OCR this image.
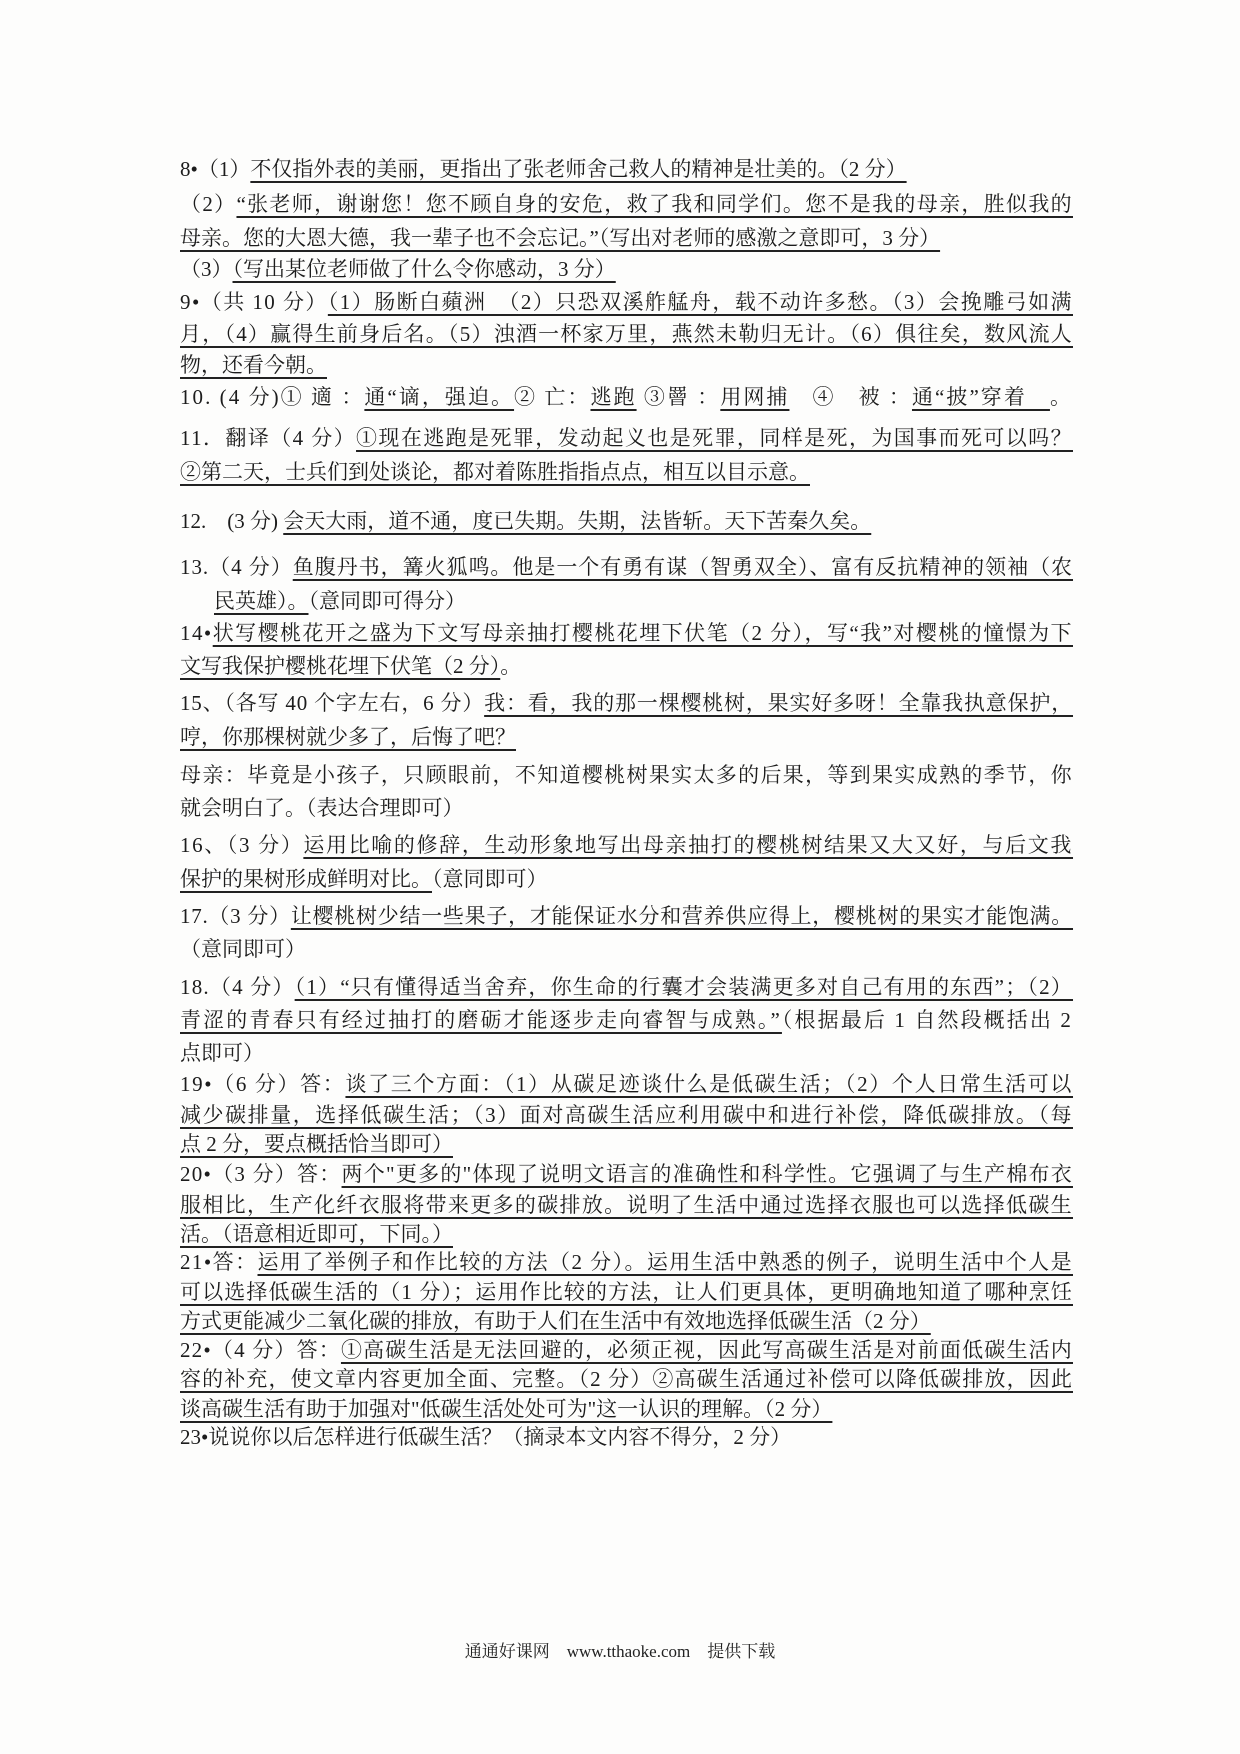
8•（1）不仅指外表的美丽，更指出了张老师舍己救人的精神是壮美的。（2 分）
（2）“张老师，谢谢您！您不顾自身的安危，救了我和同学们。您不是我的母亲，胜似我的
母亲。您的大恩大德，我一辈子也不会忘记。”（写出对老师的感激之意即可，3 分）
（3）（写出某位老师做了什么令你感动，3 分）
9•（共 10 分）（1）肠断白蘋洲　（2）只恐双溪舴艋舟，载不动许多愁。（3）会挽雕弓如满
月，（4）赢得生前身后名。（5）浊酒一杯家万里，燕然未勒归无计。（6）俱往矣，数风流人
物，还看今朝。
10. (4 分)① 適 ：通“谪，强迫。② 亡：逃跑 ③罾 ：用网捕　④　被 ：通“披”穿着　。
11．翻译（4 分）①现在逃跑是死罪，发动起义也是死罪，同样是死，为国事而死可以吗？
②第二天，士兵们到处谈论，都对着陈胜指指点点，相互以目示意。
12.　(3 分) 会天大雨，道不通，度已失期。失期，法皆斩。天下苦秦久矣。
13.（4 分）鱼腹丹书，篝火狐鸣。他是一个有勇有谋（智勇双全）、富有反抗精神的领袖（农
民英雄）。（意同即可得分）
14•状写樱桃花开之盛为下文写母亲抽打樱桃花埋下伏笔（2 分），写“我”对樱桃的憧憬为下
文写我保护樱桃花埋下伏笔（2 分）。
15、（各写 40 个字左右，6 分）我：看，我的那一棵樱桃树，果实好多呀！全靠我执意保护，
哼，你那棵树就少多了，后悔了吧？
母亲：毕竟是小孩子，只顾眼前，不知道樱桃树果实太多的后果，等到果实成熟的季节，你
就会明白了。（表达合理即可）
16、（3 分）运用比喻的修辞，生动形象地写出母亲抽打的樱桃树结果又大又好，与后文我
保护的果树形成鲜明对比。（意同即可）
17.（3 分）让樱桃树少结一些果子，才能保证水分和营养供应得上，樱桃树的果实才能饱满。
（意同即可）
18.（4 分）（1）“只有懂得适当舍弃，你生命的行囊才会装满更多对自己有用的东西”；（2）
青涩的青春只有经过抽打的磨砺才能逐步走向睿智与成熟。”（根据最后 1 自然段概括出 2
点即可）
19•（6 分）答：谈了三个方面：（1）从碳足迹谈什么是低碳生活；（2）个人日常生活可以
减少碳排量，选择低碳生活；（3）面对高碳生活应利用碳中和进行补偿，降低碳排放。（每
点 2 分，要点概括恰当即可）
20•（3 分）答：两个"更多的"体现了说明文语言的准确性和科学性。它强调了与生产棉布衣
服相比，生产化纤衣服将带来更多的碳排放。说明了生活中通过选择衣服也可以选择低碳生
活。（语意相近即可，下同。）
21•答：运用了举例子和作比较的方法（2 分）。运用生活中熟悉的例子，说明生活中个人是
可以选择低碳生活的（1 分）；运用作比较的方法，让人们更具体，更明确地知道了哪种烹饪
方式更能减少二氧化碳的排放，有助于人们在生活中有效地选择低碳生活（2 分）
22•（4 分）答：①高碳生活是无法回避的，必须正视，因此写高碳生活是对前面低碳生活内
容的补充，使文章内容更加全面、完整。（2 分）②高碳生活通过补偿可以降低碳排放，因此
谈高碳生活有助于加强对"低碳生活处处可为"这一认识的理解。（2 分）
23•说说你以后怎样进行低碳生活？（摘录本文内容不得分，2 分）
通通好课网　www.tthaoke.com　提供下载
